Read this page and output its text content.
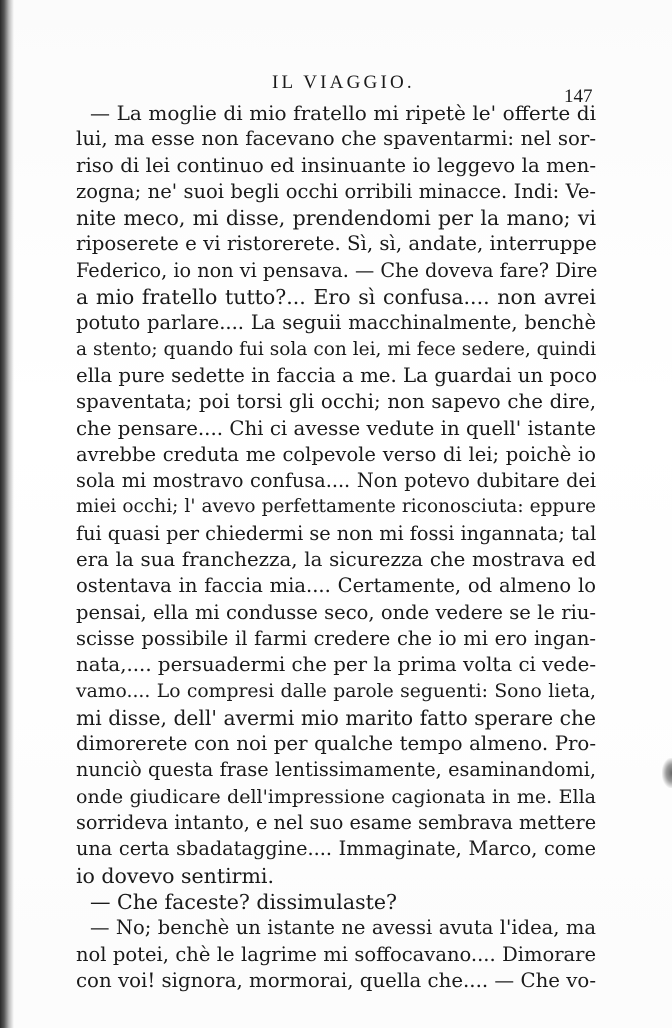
IL VIAGGIO.
147
— La moglie di mio fratello mi ripetè le' offerte di
lui, ma esse non facevano che spaventarmi: nel sor-
riso di lei continuo ed insinuante io leggevo la men-
zogna; ne' suoi begli occhi orribili minacce. Indi: Ve-
nite meco, mi disse, prendendomi per la mano; vi
riposerete e vi ristorerete. Sì, sì, andate, interruppe
Federico, io non vi pensava. — Che doveva fare? Dire
a mio fratello tutto?... Ero sì confusa.... non avrei
potuto parlare.... La seguii macchinalmente, benchè
a stento; quando fui sola con lei, mi fece sedere, quindi
ella pure sedette in faccia a me. La guardai un poco
spaventata; poi torsi gli occhi; non sapevo che dire,
che pensare.... Chi ci avesse vedute in quell' istante
avrebbe creduta me colpevole verso di lei; poichè io
sola mi mostravo confusa.... Non potevo dubitare dei
miei occhi; l' avevo perfettamente riconosciuta: eppure
fui quasi per chiedermi se non mi fossi ingannata; tal
era la sua franchezza, la sicurezza che mostrava ed
ostentava in faccia mia.... Certamente, od almeno lo
pensai, ella mi condusse seco, onde vedere se le riu-
scisse possibile il farmi credere che io mi ero ingan-
nata,.... persuadermi che per la prima volta ci vede-
vamo.... Lo compresi dalle parole seguenti: Sono lieta,
mi disse, dell' avermi mio marito fatto sperare che
dimorerete con noi per qualche tempo almeno. Pro-
nunciò questa frase lentissimamente, esaminandomi,
onde giudicare dell'impressione cagionata in me. Ella
sorrideva intanto, e nel suo esame sembrava mettere
una certa sbadataggine.... Immaginate, Marco, come
io dovevo sentirmi.
— Che faceste? dissimulaste?
— No; benchè un istante ne avessi avuta l'idea, ma
nol potei, chè le lagrime mi soffocavano.... Dimorare
con voi! signora, mormorai, quella che.... — Che vo-
